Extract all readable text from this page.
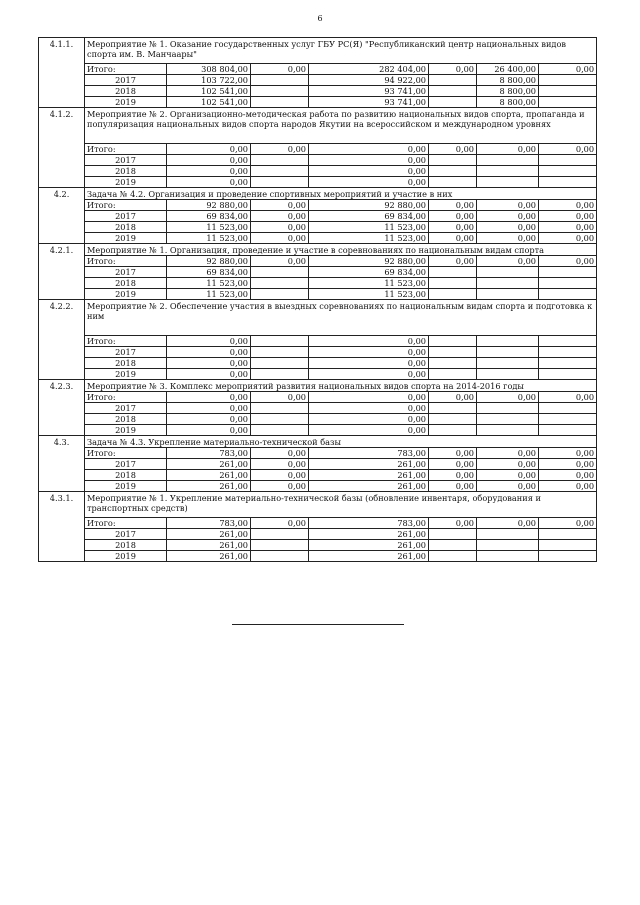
6
4.1.1.	Мероприятие № 1. Оказание государственных услуг ГБУ РС(Я) "Республиканский центр национальных видов спорта им. В. Манчаары"						
	Итого:	308 804,00	0,00	282 404,00	0,00	26 400,00	0,00
	2017	103 722,00		94 922,00		8 800,00	
	2018	102 541,00		93 741,00		8 800,00	
	2019	102 541,00		93 741,00		8 800,00	
4.1.2.	Мероприятие № 2. Организационно-методическая работа по развитию национальных видов спорта, пропаганда и популяризация национальных видов спорта народов Якутии на всероссийском и международном уровнях						
	Итого:	0,00	0,00	0,00	0,00	0,00	0,00
	2017	0,00		0,00			
	2018	0,00		0,00			
	2019	0,00		0,00			
4.2.	Задача № 4.2. Организация и проведение спортивных мероприятий и участие в них						
	Итого:	92 880,00	0,00	92 880,00	0,00	0,00	0,00
	2017	69 834,00	0,00	69 834,00	0,00	0,00	0,00
	2018	11 523,00	0,00	11 523,00	0,00	0,00	0,00
	2019	11 523,00	0,00	11 523,00	0,00	0,00	0,00
4.2.1.	Мероприятие № 1. Организация, проведение и участие в соревнованиях по национальным видам спорта						
	Итого:	92 880,00	0,00	92 880,00	0,00	0,00	0,00
	2017	69 834,00		69 834,00			
	2018	11 523,00		11 523,00			
	2019	11 523,00		11 523,00			
4.2.2.	Мероприятие № 2. Обеспечение участия в выездных соревнованиях по национальным видам спорта и подготовка к ним						
	Итого:	0,00		0,00			
	2017	0,00		0,00			
	2018	0,00		0,00			
	2019	0,00		0,00			
4.2.3.	Мероприятие № 3. Комплекс мероприятий развития национальных видов спорта на 2014-2016 годы						
	Итого:	0,00	0,00	0,00	0,00	0,00	0,00
	2017	0,00		0,00			
	2018	0,00		0,00			
	2019	0,00		0,00			
4.3.	Задача № 4.3. Укрепление материально-технической базы						
	Итого:	783,00	0,00	783,00	0,00	0,00	0,00
	2017	261,00	0,00	261,00	0,00	0,00	0,00
	2018	261,00	0,00	261,00	0,00	0,00	0,00
	2019	261,00	0,00	261,00	0,00	0,00	0,00
4.3.1.	Мероприятие № 1. Укрепление материально-технической базы (обновление инвентаря, оборудования и транспортных средств)						
	Итого:	783,00	0,00	783,00	0,00	0,00	0,00
	2017	261,00		261,00			
	2018	261,00		261,00			
	2019	261,00		261,00			
